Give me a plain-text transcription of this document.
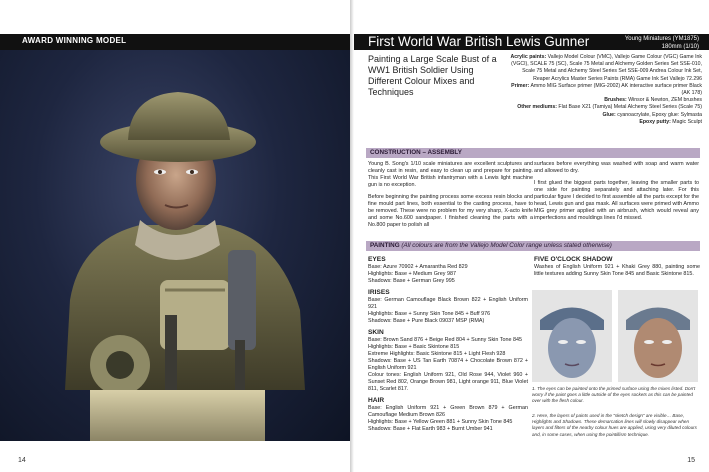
AWARD WINNING MODEL
14
First World War British Lewis Gunner	Young Miniatures (YM1875)
180mm (1/10)
Painting a Large Scale Bust of a WW1 British Soldier Using Different Colour Mixes and Techniques
Acrylic paints: Vallejo Model Colour (VMC), Vallejo Game Colour (VGC) Game Ink (VGCI), SCALE 75 (SC), Scale 75 Metal and Alchemy Golden Series Set SSE-010, Scale 75 Metal and Alchemy Steel Series Set SSE-009 Andrea Colour Ink Set, Reaper Acrylics Master Series Paints (RMA) Game Ink Set Vallejo 72.296
Primer: Ammo MIG Surface primer (MIG-2002) AK interactive surface primer Black (AK 178)
Brushes: Winsor & Newton, ZEM brushes
Other mediums: Flat Base X21 (Tamiya) Metal Alchemy Steel Series (Scale 75)
Glue: cyanoacrylate, Epoxy glue: Sylmasta
Epoxy putty: Magic Sculpt
CONSTRUCTION – ASSEMBLY

Young B. Song's 1/10 scale miniatures are excellent sculptures and cleanly cast in resin, and easy to clean up and prepare for painting. This First World War British infantryman with a Lewis light machine gun is no exception.

Before beginning the painting process some excess resin blocks and fine mould part lines, both essential to the casting process, have to be removed. These were no problem for my very sharp, X-acto knife and some No.600 sandpaper. I finished cleaning the parts with a No.800 paper to polish all

surfaces before everything was washed with soap and warm water and allowed to dry.

I first glued the biggest parts together, leaving the smaller parts to one side for painting separately and attaching later. For this particular figure I decided to first assemble all the parts except for the head, Lewis gun and gas mask. All surfaces were primed with Ammo MIG grey primer applied with an airbrush, which would reveal any imperfections and mouldings lines I'd missed.

PAINTING (All colours are from the Vallejo Model Color range unless stated otherwise)
EYES
Base: Azure 70902 + Amarantha Red 829
Highlights: Base + Medium Grey 987
Shadows: Base + German Grey 995
IRISES
Base: German Camouflage Black Brown 822 + English Uniform 921
Highlights: Base + Sunny Skin Tone 845 + Buff 976
Shadows: Base + Pure Black 09037 MSP (RMA)
SKIN
Base: Brown Sand 876 + Beige Red 804 + Sunny Skin Tone 845
Highlights: Base + Basic Skintone 815
Extreme Highlights: Basic Skintone 815 + Light Flesh 928
Shadows: Base + US Tan Earth 70874 + Chocolate Brown 872 + English Uniform 921
Colour tones: English Uniform 921, Old Rose 944, Violet 960 + Sunset Red 802, Orange Brown 981, Light orange 911, Blue Violet 811, Scarlet 817.
HAIR
Base: English Uniform 921 + Green Brown 879 + German Camouflage Medium Brown 826
Highlights: Base + Yellow Green 881 + Sunny Skin Tone 845
Shadows: Base + Flat Earth 983 + Burnt Umber 941
FIVE O'CLOCK SHADOW
Washes of English Uniform 921 + Khaki Grey 880, painting some little textures adding Sunny Skin Tone 845 and Basic Skintone 815.
1. The eyes can be painted onto the primed surface using the mixes listed. Don't worry if the paint goes a little outside of the eyes sockets as this can be painted over with the flesh colour.
2. Here, the layers of paints used in the "sketch design" are visible… Base, Highlights and Shadows. These demarcation lines will slowly disappear when layers and filters of the nearby colour hues are applied, using very diluted colours and, in some cases, when using the pointillism technique.
15
